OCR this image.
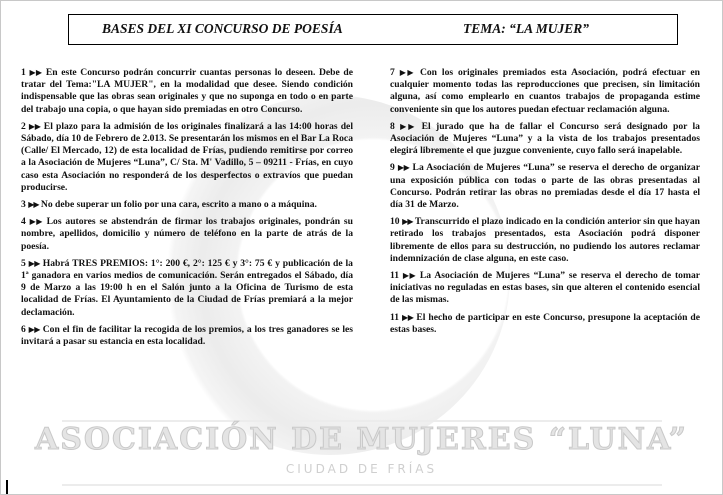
ASOCIACIÓN DE MUJERES “LUNA”
CIUDAD DE FRÍAS
BASES DEL XI CONCURSO DE POESÍA	TEMA: “LA MUJER”

1 ▶▶ En este Concurso podrán concurrir cuantas personas lo deseen. Debe de tratar del Tema:"LA MUJER", en la modalidad que desee. Siendo condición indispensable que las obras sean originales y que no suponga en todo o en parte del trabajo una copia, o que hayan sido premiadas en otro Concurso.

2 ▶▶ El plazo para la admisión de los originales finalizará a las 14:00 horas del Sábado, día 10 de Febrero de 2.013. Se presentarán los mismos en el Bar La Roca (Calle/ El Mercado, 12) de esta localidad de Frías, pudiendo remitirse por correo a la Asociación de Mujeres “Luna”, C/ Sta. M' Vadillo, 5 – 09211 - Frías, en cuyo caso esta Asociación no responderá de los desperfectos o extravíos que puedan producirse.

3 ▶▶ No debe superar un folio por una cara, escrito a mano o a máquina.

4 ▶▶ Los autores se abstendrán de firmar los trabajos originales, pondrán su nombre, apellidos, domicilio y número de teléfono en la parte de atrás de la poesía.

5 ▶▶ Habrá TRES PREMIOS: 1°: 200 €, 2°: 125 € y 3°: 75 € y publicación de la 1ª ganadora en varios medios de comunicación. Serán entregados el Sábado, día 9 de Marzo a las 19:00 h en el Salón junto a la Oficina de Turismo de esta localidad de Frías. El Ayuntamiento de la Ciudad de Frías premiará a la mejor declamación.

6 ▶▶ Con el fin de facilitar la recogida de los premios, a los tres ganadores se les invitará a pasar su estancia en esta localidad.

7 ▶▶ Con los originales premiados esta Asociación, podrá efectuar en cualquier momento todas las reproducciones que precisen, sin limitación alguna, así como emplearlo en cuantos trabajos de propaganda estime conveniente sin que los autores puedan efectuar reclamación alguna.

8 ▶▶ El jurado que ha de fallar el Concurso será designado por la Asociación de Mujeres “Luna” y a la vista de los trabajos presentados elegirá libremente el que juzgue conveniente, cuyo fallo será inapelable.

9 ▶▶ La Asociación de Mujeres “Luna” se reserva el derecho de organizar una exposición pública con todas o parte de las obras presentadas al Concurso. Podrán retirar las obras no premiadas desde el día 17 hasta el día 31 de Marzo.

10 ▶▶ Transcurrido el plazo indicado en la condición anterior sin que hayan retirado los trabajos presentados, esta Asociación podrá disponer libremente de ellos para su destrucción, no pudiendo los autores reclamar indemnización de clase alguna, en este caso.

11 ▶▶ La Asociación de Mujeres “Luna” se reserva el derecho de tomar iniciativas no reguladas en estas bases, sin que alteren el contenido esencial de las mismas.

11 ▶▶ El hecho de participar en este Concurso, presupone la aceptación de estas bases.
